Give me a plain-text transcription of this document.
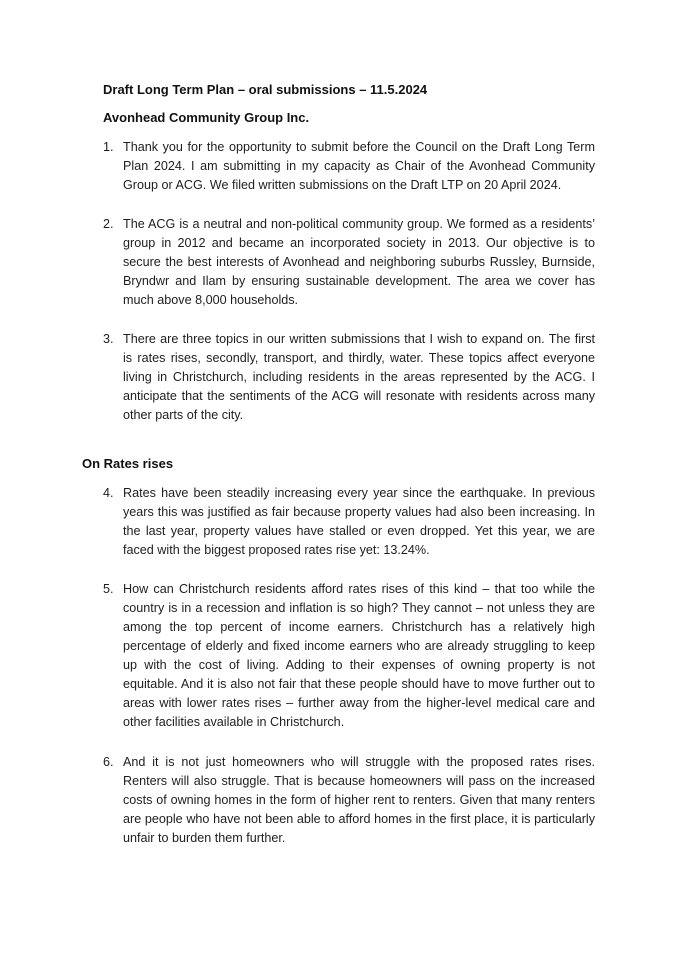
Draft Long Term Plan – oral submissions – 11.5.2024
Avonhead Community Group Inc.
1. Thank you for the opportunity to submit before the Council on the Draft Long Term Plan 2024. I am submitting in my capacity as Chair of the Avonhead Community Group or ACG. We filed written submissions on the Draft LTP on 20 April 2024.
2. The ACG is a neutral and non-political community group. We formed as a residents’ group in 2012 and became an incorporated society in 2013. Our objective is to secure the best interests of Avonhead and neighboring suburbs Russley, Burnside, Bryndwr and Ilam by ensuring sustainable development. The area we cover has much above 8,000 households.
3. There are three topics in our written submissions that I wish to expand on. The first is rates rises, secondly, transport, and thirdly, water. These topics affect everyone living in Christchurch, including residents in the areas represented by the ACG. I anticipate that the sentiments of the ACG will resonate with residents across many other parts of the city.
On Rates rises
4. Rates have been steadily increasing every year since the earthquake. In previous years this was justified as fair because property values had also been increasing. In the last year, property values have stalled or even dropped. Yet this year, we are faced with the biggest proposed rates rise yet: 13.24%.
5. How can Christchurch residents afford rates rises of this kind – that too while the country is in a recession and inflation is so high? They cannot – not unless they are among the top percent of income earners. Christchurch has a relatively high percentage of elderly and fixed income earners who are already struggling to keep up with the cost of living. Adding to their expenses of owning property is not equitable. And it is also not fair that these people should have to move further out to areas with lower rates rises – further away from the higher-level medical care and other facilities available in Christchurch.
6. And it is not just homeowners who will struggle with the proposed rates rises. Renters will also struggle. That is because homeowners will pass on the increased costs of owning homes in the form of higher rent to renters. Given that many renters are people who have not been able to afford homes in the first place, it is particularly unfair to burden them further.
